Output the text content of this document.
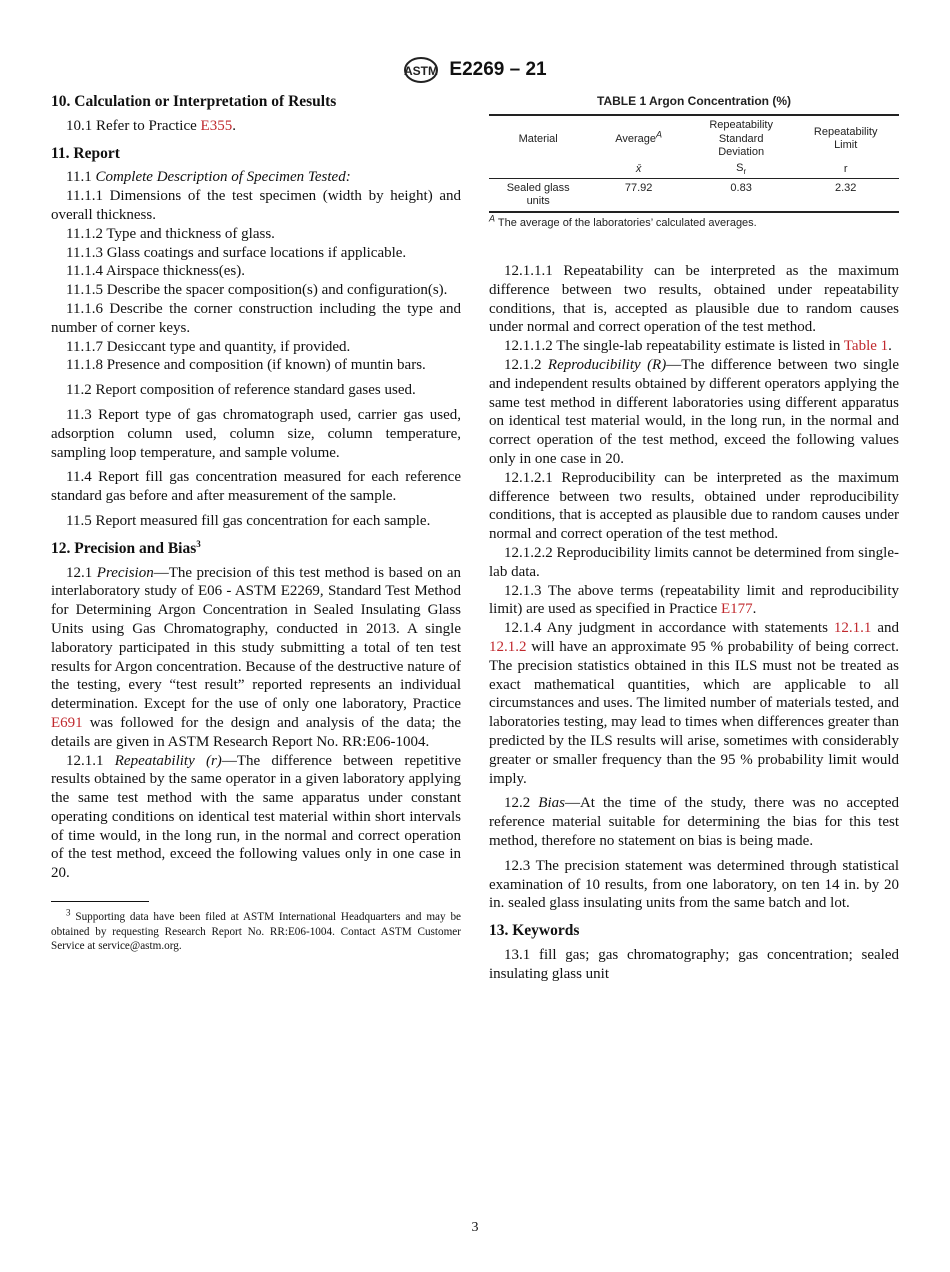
ASTM E2269 – 21
10. Calculation or Interpretation of Results

10.1 Refer to Practice E355.

11. Report

11.1 Complete Description of Specimen Tested:

11.1.1 Dimensions of the test specimen (width by height) and overall thickness.

11.1.2 Type and thickness of glass.

11.1.3 Glass coatings and surface locations if applicable.

11.1.4 Airspace thickness(es).

11.1.5 Describe the spacer composition(s) and configuration(s).

11.1.6 Describe the corner construction including the type and number of corner keys.

11.1.7 Desiccant type and quantity, if provided.

11.1.8 Presence and composition (if known) of muntin bars.

11.2 Report composition of reference standard gases used.

11.3 Report type of gas chromatograph used, carrier gas used, adsorption column used, column size, column temperature, sampling loop temperature, and sample volume.

11.4 Report fill gas concentration measured for each reference standard gas before and after measurement of the sample.

11.5 Report measured fill gas concentration for each sample.

12. Precision and Bias$^3$

12.1 Precision—The precision of this test method is based on an interlaboratory study of E06 - ASTM E2269, Standard Test Method for Determining Argon Concentration in Sealed Insulating Glass Units using Gas Chromatography, conducted in 2013. A single laboratory participated in this study submitting a total of ten test results for Argon concentration. Because of the destructive nature of the testing, every “test result” reported represents an individual determination. Except for the use of only one laboratory, Practice E691 was followed for the design and analysis of the data; the details are given in ASTM Research Report No. RR:E06-1004.

12.1.1 Repeatability (r)—The difference between repetitive results obtained by the same operator in a given laboratory applying the same test method with the same apparatus under constant operating conditions on identical test material within short intervals of time would, in the long run, in the normal and correct operation of the test method, exceed the following values only in one case in 20.

$^3$ Supporting data have been filed at ASTM International Headquarters and may be obtained by requesting Research Report No. RR:E06-1004. Contact ASTM Customer Service at service@astm.org.
TABLE 1 Argon Concentration (%)
Material	Average$^A$	Repeatability Standard Deviation	Repeatability Limit
	x̄	$S_r$	r
Sealed glass units	77.92	0.83	2.32
$^A$ The average of the laboratories’ calculated averages.

12.1.1.1 Repeatability can be interpreted as the maximum difference between two results, obtained under repeatability conditions, that is, accepted as plausible due to random causes under normal and correct operation of the test method.

12.1.1.2 The single-lab repeatability estimate is listed in Table 1.

12.1.2 Reproducibility (R)—The difference between two single and independent results obtained by different operators applying the same test method in different laboratories using different apparatus on identical test material would, in the long run, in the normal and correct operation of the test method, exceed the following values only in one case in 20.

12.1.2.1 Reproducibility can be interpreted as the maximum difference between two results, obtained under reproducibility conditions, that is accepted as plausible due to random causes under normal and correct operation of the test method.

12.1.2.2 Reproducibility limits cannot be determined from single-lab data.

12.1.3 The above terms (repeatability limit and reproducibility limit) are used as specified in Practice E177.

12.1.4 Any judgment in accordance with statements 12.1.1 and 12.1.2 will have an approximate 95 % probability of being correct. The precision statistics obtained in this ILS must not be treated as exact mathematical quantities, which are applicable to all circumstances and uses. The limited number of materials tested, and laboratories testing, may lead to times when differences greater than predicted by the ILS results will arise, sometimes with considerably greater or smaller frequency than the 95 % probability limit would imply.

12.2 Bias—At the time of the study, there was no accepted reference material suitable for determining the bias for this test method, therefore no statement on bias is being made.

12.3 The precision statement was determined through statistical examination of 10 results, from one laboratory, on ten 14 in. by 20 in. sealed glass insulating units from the same batch and lot.

13. Keywords

13.1 fill gas; gas chromatography; gas concentration; sealed insulating glass unit

3
